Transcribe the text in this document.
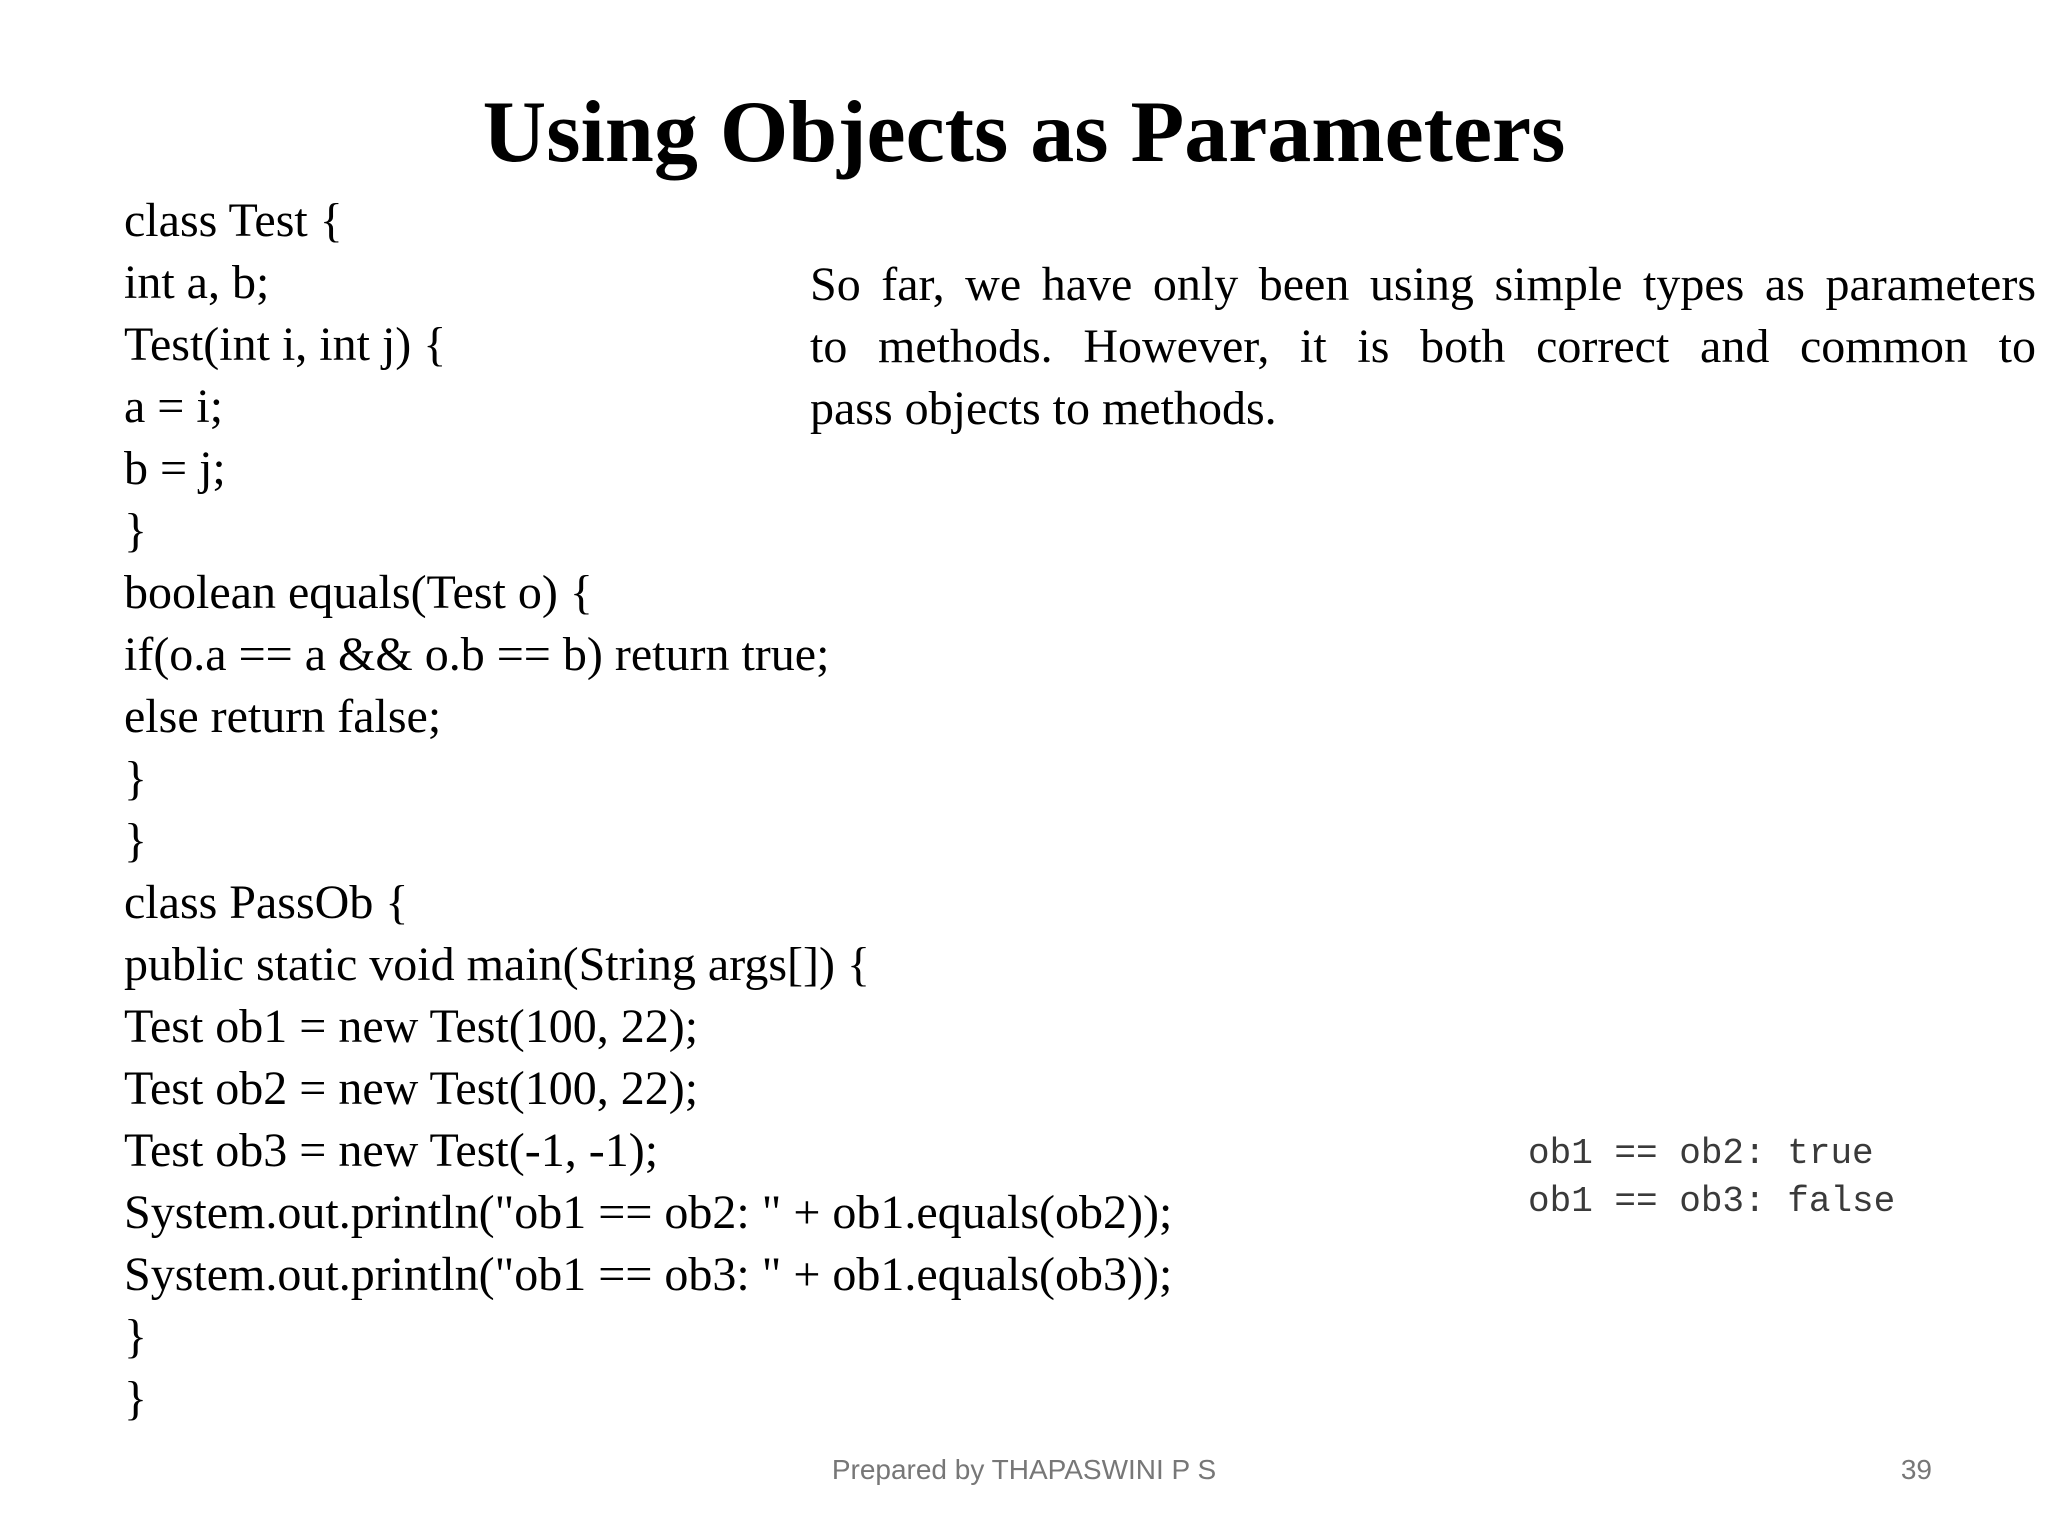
Using Objects as Parameters
class Test {
int a, b;
Test(int i, int j) {
a = i;
b = j;
}
boolean equals(Test o) {
if(o.a == a && o.b == b) return true;
else return false;
}
}
class PassOb {
public static void main(String args[]) {
Test ob1 = new Test(100, 22);
Test ob2 = new Test(100, 22);
Test ob3 = new Test(-1, -1);
System.out.println("ob1 == ob2: " + ob1.equals(ob2));
System.out.println("ob1 == ob3: " + ob1.equals(ob3));
}
}
So far, we have only been using simple types as parameters
to methods. However, it is both correct and common to
pass objects to methods.
ob1 == ob2: true
ob1 == ob3: false
Prepared by THAPASWINI P S	39
